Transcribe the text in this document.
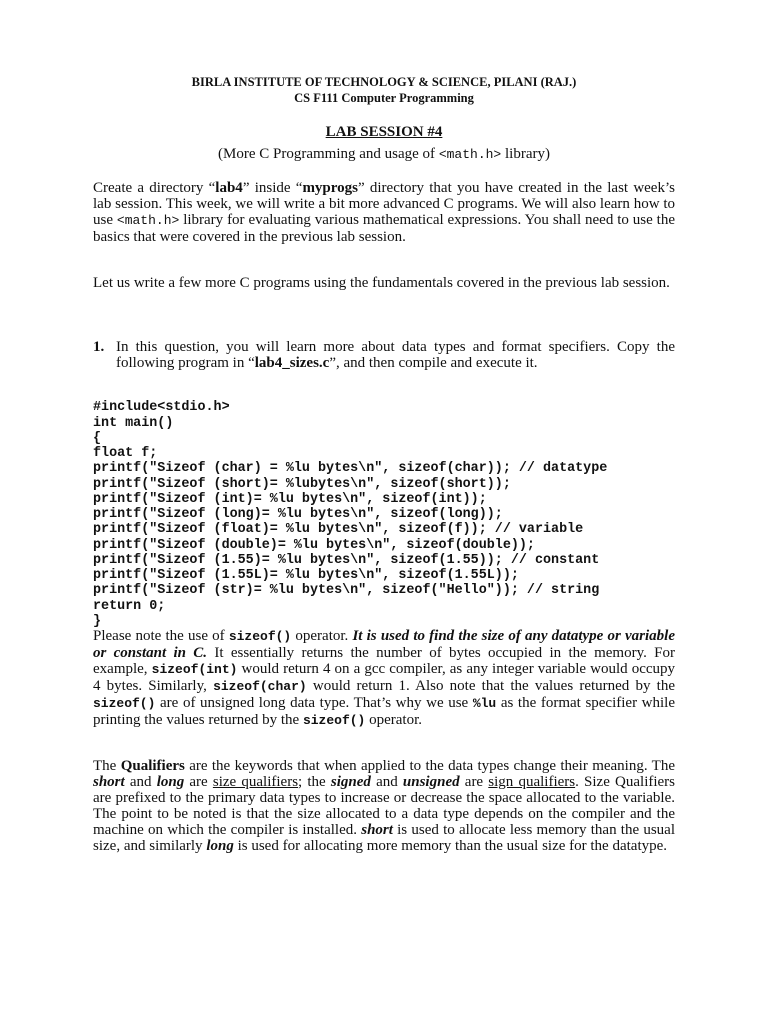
BIRLA INSTITUTE OF TECHNOLOGY & SCIENCE, PILANI (RAJ.)
CS F111 Computer Programming
LAB SESSION #4
(More C Programming and usage of <math.h> library)
Create a directory “lab4” inside “myprogs” directory that you have created in the last week’s lab session. This week, we will write a bit more advanced C programs. We will also learn how to use <math.h> library for evaluating various mathematical expressions. You shall need to use the basics that were covered in the previous lab session.
Let us write a few more C programs using the fundamentals covered in the previous lab session.
1. In this question, you will learn more about data types and format specifiers. Copy the following program in “lab4_sizes.c”, and then compile and execute it.

#include<stdio.h>
int main()
{
float f;
printf("Sizeof (char) = %lu bytes\n", sizeof(char)); // datatype
printf("Sizeof (short)= %lubytes\n", sizeof(short));
printf("Sizeof (int)= %lu bytes\n", sizeof(int));
printf("Sizeof (long)= %lu bytes\n", sizeof(long));
printf("Sizeof (float)= %lu bytes\n", sizeof(f)); // variable
printf("Sizeof (double)= %lu bytes\n", sizeof(double));
printf("Sizeof (1.55)= %lu bytes\n", sizeof(1.55)); // constant
printf("Sizeof (1.55L)= %lu bytes\n", sizeof(1.55L));
printf("Sizeof (str)= %lu bytes\n", sizeof("Hello")); // string
return 0;
}
Please note the use of sizeof() operator. It is used to find the size of any datatype or variable or constant in C. It essentially returns the number of bytes occupied in the memory. For example, sizeof(int) would return 4 on a gcc compiler, as any integer variable would occupy 4 bytes. Similarly, sizeof(char) would return 1. Also note that the values returned by the sizeof() are of unsigned long data type. That’s why we use %lu as the format specifier while printing the values returned by the sizeof() operator.
The Qualifiers are the keywords that when applied to the data types change their meaning. The short and long are size qualifiers; the signed and unsigned are sign qualifiers. Size Qualifiers are prefixed to the primary data types to increase or decrease the space allocated to the variable. The point to be noted is that the size allocated to a data type depends on the compiler and the machine on which the compiler is installed. short is used to allocate less memory than the usual size, and similarly long is used for allocating more memory than the usual size for the datatype.
